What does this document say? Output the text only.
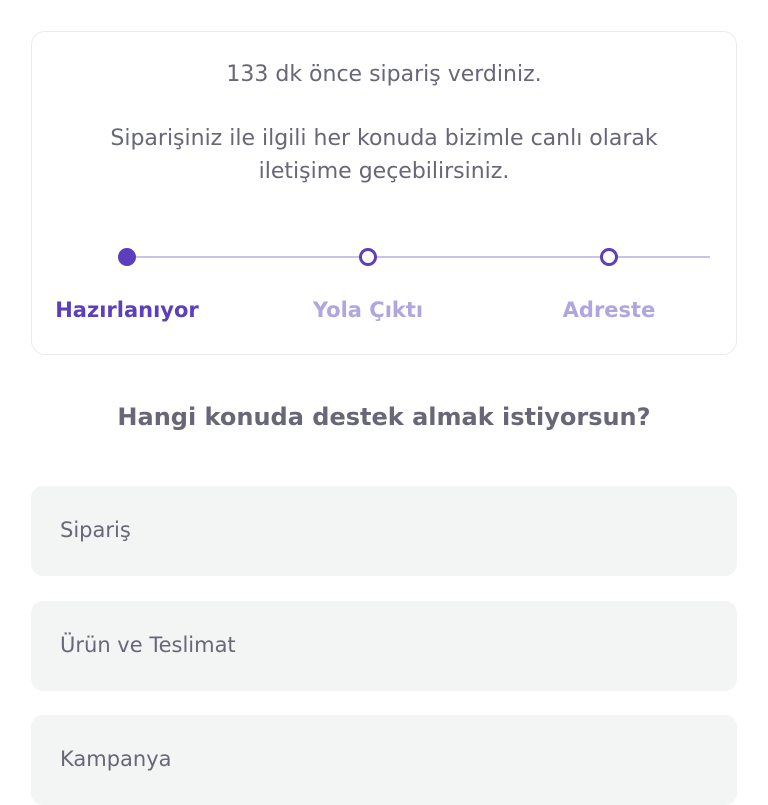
133 dk önce sipariş verdiniz.
Siparişiniz ile ilgili her konuda bizimle canlı olarak iletişime geçebilirsiniz.
Hazırlanıyor	Yola Çıktı	Adreste
Hangi konuda destek almak istiyorsun?
Sipariş
Ürün ve Teslimat
Kampanya
